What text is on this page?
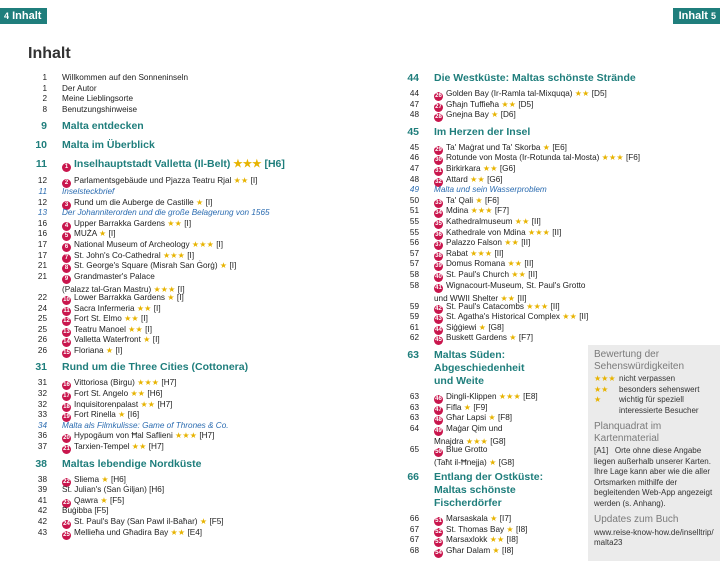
4 Inhalt	Inhalt 5
Inhalt
1 Willkommen auf den Sonneninseln
1 Der Autor
2 Meine Lieblingsorte
8 Benutzungshinweise
9 Malta entdecken
10 Malta im Überblick
11	1 Inselhauptstadt Valletta (Il-Belt) ★★★ [H6]
12	2 Parlamentsgebäude und Pjazza Teatru Rjal ★★ [I]
11 Inselsteckbrief
12	3 Rund um die Auberge de Castille ★ [I]
13 Der Johanniterorden und die große Belagerung von 1565
16	4 Upper Barrakka Gardens ★★ [I]
16	5 MUŻA ★ [I]
17	6 National Museum of Archeology ★★★ [I]
17	7 St. John's Co-Cathedral ★★★ [I]
21	8 St. George's Square (Misrah San Ġorġ) ★ [I]
21	9 Grandmaster's Palace
(Palazz tal-Gran Mastru) ★★★ [I]
22	10 Lower Barrakka Gardens ★ [I]
24	11 Sacra Infermeria ★★ [I]
25	12 Fort St. Elmo ★★ [I]
25	13 Teatru Manoel ★★ [I]
26	14 Valletta Waterfront ★ [I]
26	15 Floriana ★ [I]
31 Rund um die Three Cities (Cottonera)
31	16 Vittoriosa (Birgu) ★★★ [H7]
32	17 Fort St. Angelo ★★ [H6]
32	18 Inquisitorenpalast ★★ [H7]
33	19 Fort Rinella ★ [I6]
34 Malta als Filmkulisse: Game of Thrones & Co.
36	20 Hypogäum von Ħal Saflieni ★★★ [H7]
37	21 Tarxien-Tempel ★★ [H7]
38 Maltas lebendige Nordküste
38	22 Sliema ★ [H6]
39 St. Julian's (San Ġiljan) [H6]
41	23 Qawra ★ [F5]
42 Buġibba [F5]
42	24 St. Paul's Bay (San Pawl il-Baħar) ★ [F5]
43	25 Mellieħa und Għadira Bay ★★ [E4]
44 Die Westküste: Maltas schönste Strände
44	26 Golden Bay (Ir-Ramla tal-Mixquqa) ★★ [D5]
47	27 Għajn Tuffieħa ★★ [D5]
48	28 Gnejna Bay ★ [D6]
45 Im Herzen der Insel
45	29 Ta' Maġrat und Ta' Skorba ★ [E6]
46	30 Rotunde von Mosta (Ir-Rotunda tal-Mosta) ★★★ [F6]
47	31 Birkirkara ★★ [G6]
48	32 Attard ★★ [G6]
49 Malta und sein Wasserproblem
50	33 Ta' Qali ★ [F6]
51	34 Mdina ★★★ [F7]
55	35 Kathedralmuseum ★★ [II]
55	36 Kathedrale von Mdina ★★★ [II]
56	37 Palazzo Falson ★★ [II]
57	38 Rabat ★★★ [II]
57	39 Domus Romana ★★ [II]
58	40 St. Paul's Church ★★ [II]
58	41 Wignacourt-Museum, St. Paul's Grotto
und WWII Shelter ★★ [II]
59	42 St. Paul's Catacombs ★★★ [II]
59	43 St. Agatha's Historical Complex ★★ [II]
61	44 Siġġiewi ★ [G8]
62	45 Buskett Gardens ★ [F7]
63 Maltas Süden:
Abgeschiedenheit
und Weite
63	46 Dingli-Klippen ★★★ [E8]
63	47 Fifla ★ [F9]
63	48 Għar Lapsi ★ [F8]
64	49 Maġar Qim und
Mnajdra ★★★ [G8]
65	50 Blue Grotto
(Taħt il-Ħnejja) ★ [G8]
66 Entlang der Ostküste:
Maltas schönste
Fischerdörfer
66	51 Marsaskala ★ [I7]
67	52 St. Thomas Bay ★ [I8]
67	53 Marsaxlokk ★★ [I8]
68	54 Għar Dalam ★ [I8]
Bewertung der Sehenswürdigkeiten
★★★ nicht verpassen
★★	besonders sehenswert
★	wichtig für speziell interessierte Besucher
Planquadrat im Kartenmaterial
[A1] Orte ohne diese Angabe liegen außerhalb unserer Karten. Ihre Lage kann aber wie die aller Ortsmarken mithilfe der begleitenden Web-App angezeigt werden (s. Anhang).
Updates zum Buch
www.reise-know-how.de/inselltrip/malta23
